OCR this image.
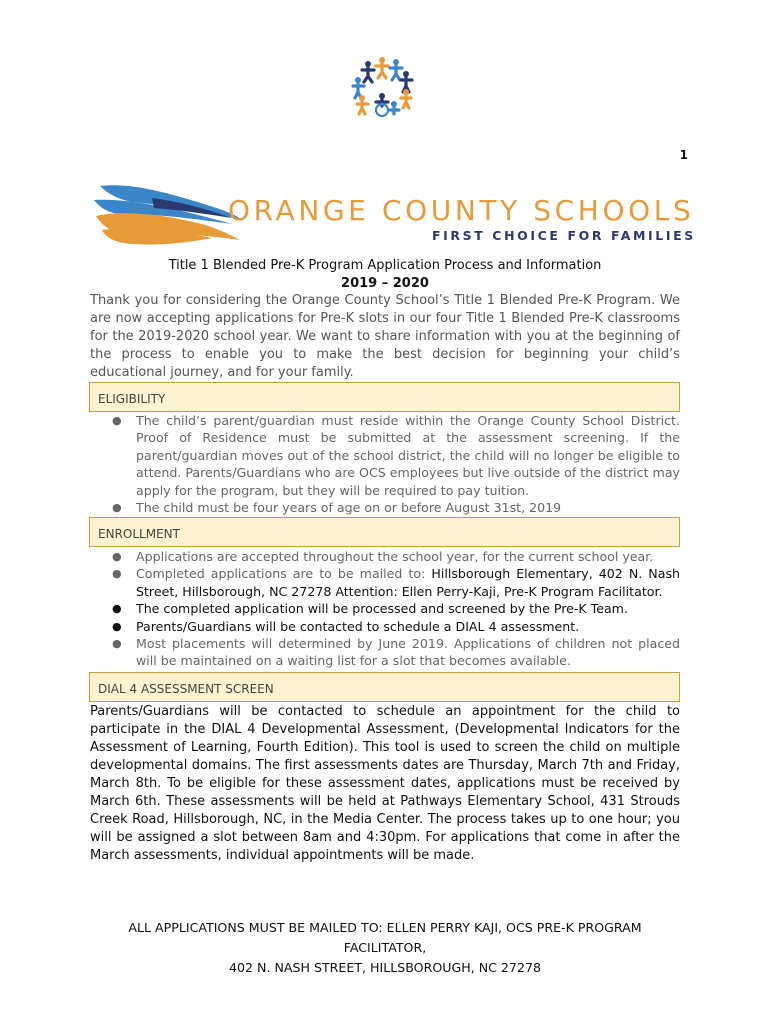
1
ORANGE COUNTY SCHOOLS
FIRST CHOICE FOR FAMILIES
Title 1 Blended Pre-K Program Application Process and Information
2019 – 2020
Thank you for considering the Orange County School’s Title 1 Blended Pre-K Program. We are now accepting applications for Pre-K slots in our four Title 1 Blended Pre-K classrooms for the 2019-2020 school year. We want to share information with you at the beginning of the process to enable you to make the best decision for beginning your child’s educational journey, and for your family.
ELIGIBILITY
● The child’s parent/guardian must reside within the Orange County School District. Proof of Residence must be submitted at the assessment screening. If the parent/guardian moves out of the school district, the child will no longer be eligible to attend. Parents/Guardians who are OCS employees but live outside of the district may apply for the program, but they will be required to pay tuition.
● The child must be four years of age on or before August 31st, 2019
ENROLLMENT
● Applications are accepted throughout the school year, for the current school year.
● Completed applications are to be mailed to: Hillsborough Elementary, 402 N. Nash Street, Hillsborough, NC 27278 Attention: Ellen Perry-Kaji, Pre-K Program Facilitator.
● The completed application will be processed and screened by the Pre-K Team.
● Parents/Guardians will be contacted to schedule a DIAL 4 assessment.
● Most placements will determined by June 2019. Applications of children not placed will be maintained on a waiting list for a slot that becomes available.
DIAL 4 ASSESSMENT SCREEN
Parents/Guardians will be contacted to schedule an appointment for the child to participate in the DIAL 4 Developmental Assessment, (Developmental Indicators for the Assessment of Learning, Fourth Edition). This tool is used to screen the child on multiple developmental domains. The first assessments dates are Thursday, March 7th and Friday, March 8th. To be eligible for these assessment dates, applications must be received by March 6th. These assessments will be held at Pathways Elementary School, 431 Strouds Creek Road, Hillsborough, NC, in the Media Center. The process takes up to one hour; you will be assigned a slot between 8am and 4:30pm. For applications that come in after the March assessments, individual appointments will be made.
ALL APPLICATIONS MUST BE MAILED TO: ELLEN PERRY KAJI, OCS PRE-K PROGRAM
FACILITATOR,
402 N. NASH STREET, HILLSBOROUGH, NC 27278
